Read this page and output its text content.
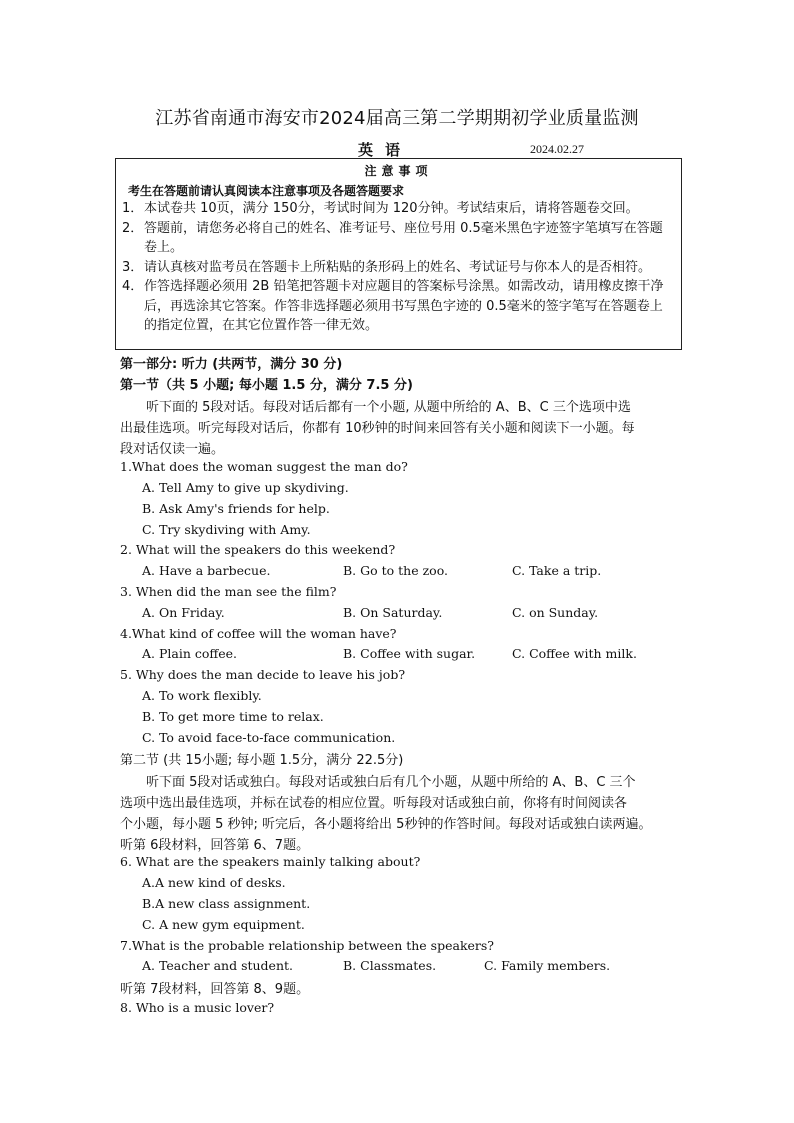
江苏省南通市海安市2024届高三第二学期期初学业质量监测
英语	2024.02.27
注意事项
考生在答题前请认真阅读本注意事项及各题答题要求
1． 本试卷共 10页，满分 150分，考试时间为 120分钟。考试结束后，请将答题卷交回。
2． 答题前，请您务必将自己的姓名、准考证号、座位号用 0.5毫米黑色字迹签字笔填写在答题卷上。
3． 请认真核对监考员在答题卡上所粘贴的条形码上的姓名、考试证号与你本人的是否相符。
4． 作答选择题必须用 2B 铅笔把答题卡对应题目的答案标号涂黑。如需改动，请用橡皮擦干净后，再选涂其它答案。作答非选择题必须用书写黑色字迹的 0.5毫米的签字笔写在答题卷上的指定位置，在其它位置作答一律无效。
第一部分: 听力 (共两节，满分 30 分)
第一节（共 5 小题; 每小题 1.5 分，满分 7.5 分)
听下面的 5段对话。每段对话后都有一个小题, 从题中所给的 A、B、C 三个选项中选
出最佳选项。听完每段对话后，你都有 10秒钟的时间来回答有关小题和阅读下一小题。每
段对话仅读一遍。
1.What does the woman suggest the man do?
A. Tell Amy to give up skydiving.
B. Ask Amy's friends for help.
C. Try skydiving with Amy.
2. What will the speakers do this weekend?
A. Have a barbecue.	B. Go to the zoo.	C. Take a trip.
3. When did the man see the film?
A. On Friday.	B. On Saturday.	C. on Sunday.
4.What kind of coffee will the woman have?
A. Plain coffee.	B. Coffee with sugar.	C. Coffee with milk.
5. Why does the man decide to leave his job?
A. To work flexibly.
B. To get more time to relax.
C. To avoid face-to-face communication.
第二节 (共 15小题; 每小题 1.5分，满分 22.5分)
听下面 5段对话或独白。每段对话或独白后有几个小题，从题中所给的 A、B、C 三个
选项中选出最佳选项，并标在试卷的相应位置。听每段对话或独白前，你将有时间阅读各
个小题，每小题 5 秒钟; 听完后，各小题将给出 5秒钟的作答时间。每段对话或独白读两遍。
听第 6段材料，回答第 6、7题。
6. What are the speakers mainly talking about?
A.A new kind of desks.
B.A new class assignment.
C. A new gym equipment.
7.What is the probable relationship between the speakers?
A. Teacher and student.	B. Classmates.	C. Family members.
听第 7段材料，回答第 8、9题。
8. Who is a music lover?
